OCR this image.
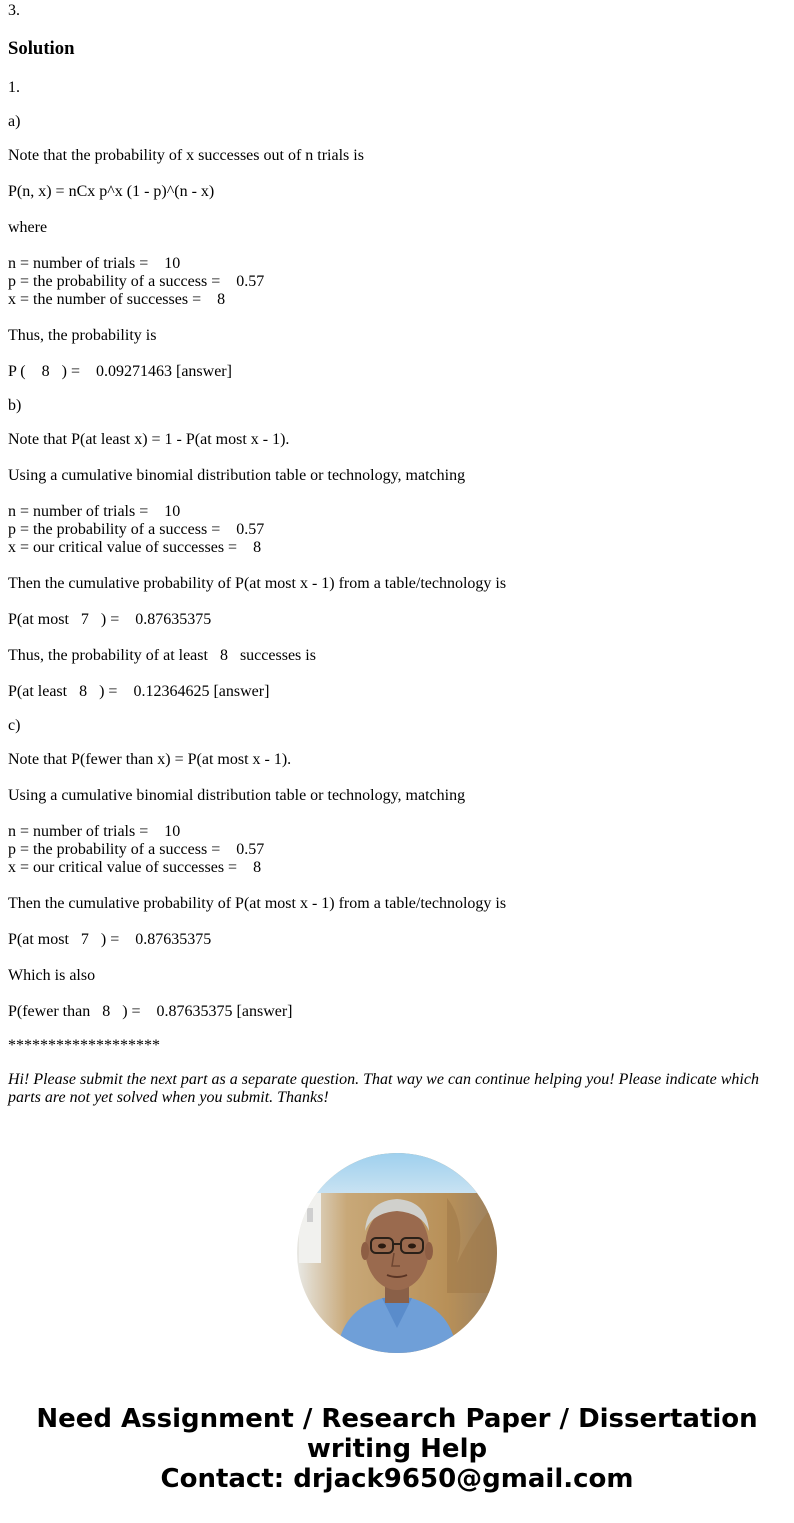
3.
Solution
1.
a)
Note that the probability of x successes out of n trials is
P(n, x) = nCx p^x (1 - p)^(n - x)
where
n = number of trials =    10
p = the probability of a success =    0.57
x = the number of successes =    8
Thus, the probability is
P (    8   ) =    0.09271463 [answer]
b)
Note that P(at least x) = 1 - P(at most x - 1).
Using a cumulative binomial distribution table or technology, matching
n = number of trials =    10
p = the probability of a success =    0.57
x = our critical value of successes =    8
Then the cumulative probability of P(at most x - 1) from a table/technology is
P(at most   7   ) =    0.87635375
Thus, the probability of at least   8   successes is
P(at least   8   ) =    0.12364625 [answer]
c)
Note that P(fewer than x) = P(at most x - 1).
Using a cumulative binomial distribution table or technology, matching
n = number of trials =    10
p = the probability of a success =    0.57
x = our critical value of successes =    8
Then the cumulative probability of P(at most x - 1) from a table/technology is
P(at most   7   ) =    0.87635375
Which is also
P(fewer than   8   ) =    0.87635375 [answer]
*******************
Hi! Please submit the next part as a separate question. That way we can continue helping you! Please indicate which parts are not yet solved when you submit. Thanks!
Need Assignment / Research Paper / Dissertation
writing Help
Contact: drjack9650@gmail.com
